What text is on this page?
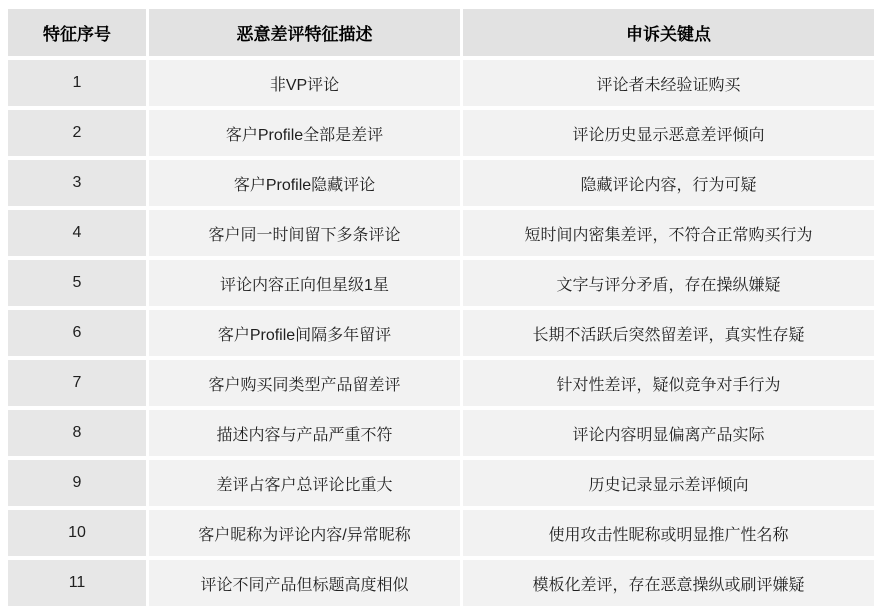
特征序号	恶意差评特征描述	申诉关键点
1	非VP评论	评论者未经验证购买
2	客户Profile全部是差评	评论历史显示恶意差评倾向
3	客户Profile隐藏评论	隐藏评论内容，行为可疑
4	客户同一时间留下多条评论	短时间内密集差评，不符合正常购买行为
5	评论内容正向但星级1星	文字与评分矛盾，存在操纵嫌疑
6	客户Profile间隔多年留评	长期不活跃后突然留差评，真实性存疑
7	客户购买同类型产品留差评	针对性差评，疑似竞争对手行为
8	描述内容与产品严重不符	评论内容明显偏离产品实际
9	差评占客户总评论比重大	历史记录显示差评倾向
10	客户昵称为评论内容/异常昵称	使用攻击性昵称或明显推广性名称
11	评论不同产品但标题高度相似	模板化差评，存在恶意操纵或刷评嫌疑
